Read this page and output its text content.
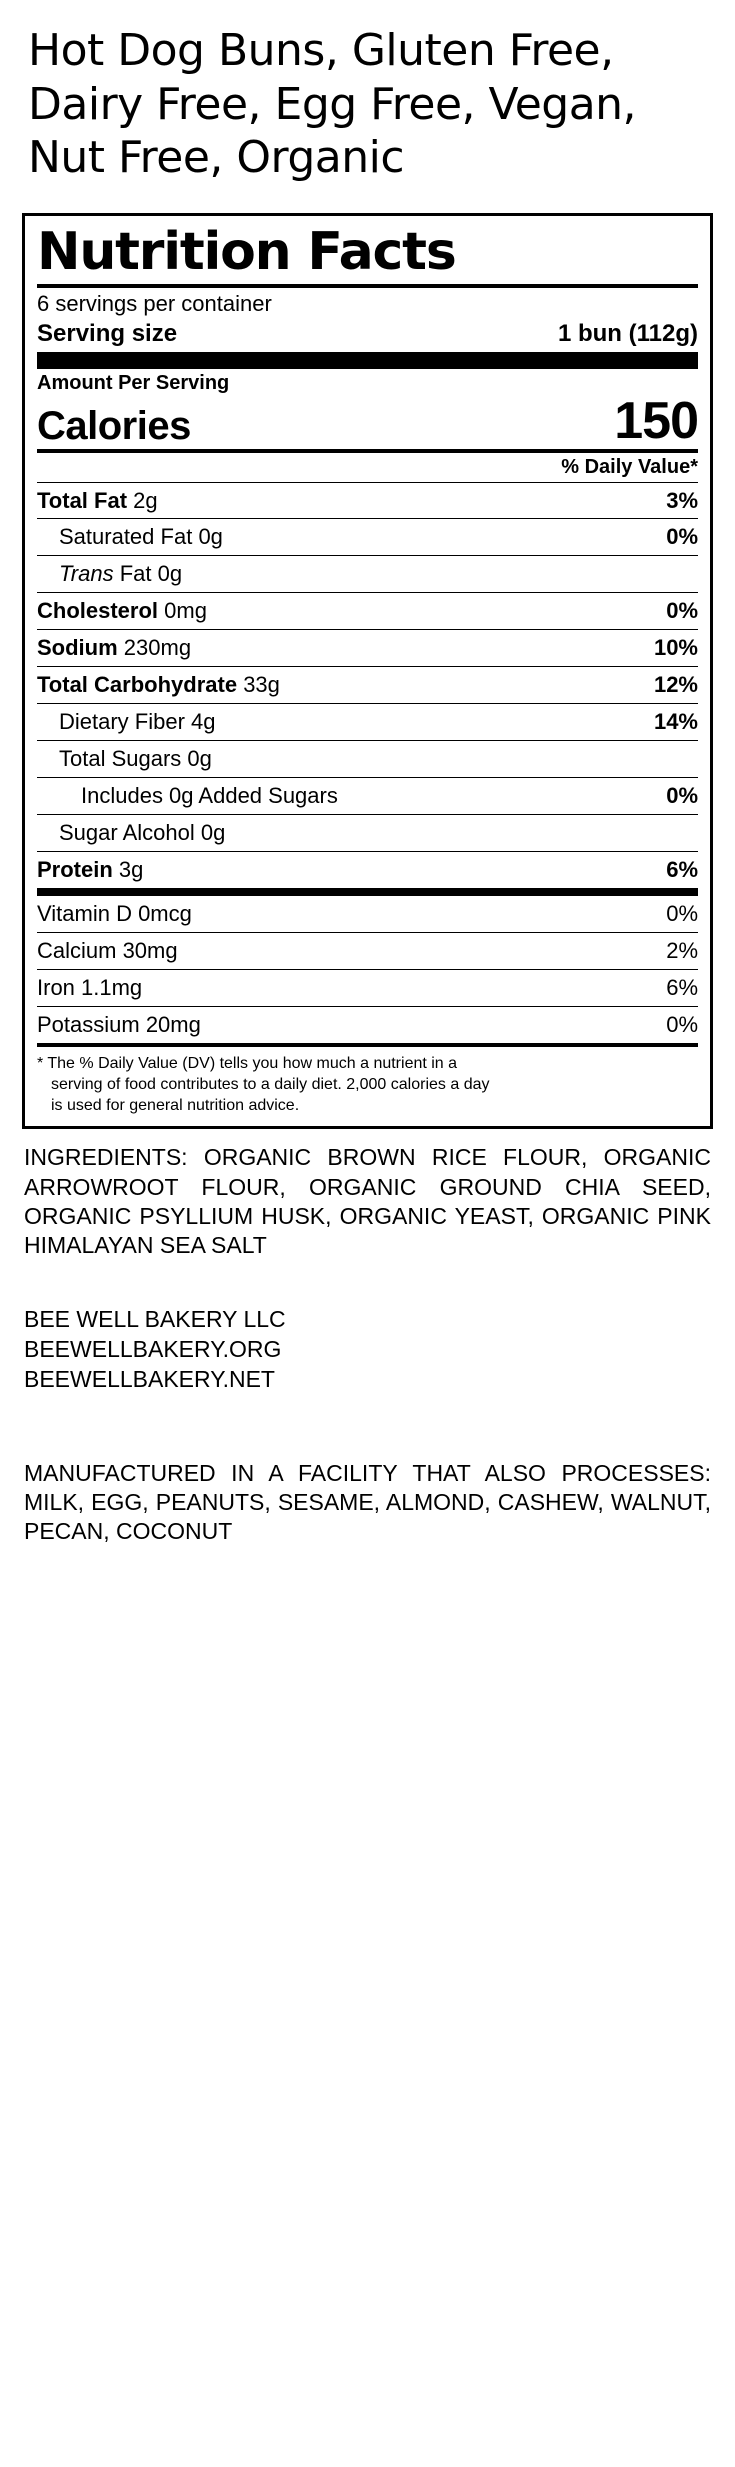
Hot Dog Buns, Gluten Free, Dairy Free, Egg Free, Vegan, Nut Free, Organic
Nutrition Facts
6 servings per container
Serving size	1 bun (112g)
Amount Per Serving
Calories	150
% Daily Value*
Total Fat 2g	3%
Saturated Fat 0g	0%
Trans Fat 0g
Cholesterol 0mg	0%
Sodium 230mg	10%
Total Carbohydrate 33g	12%
Dietary Fiber 4g	14%
Total Sugars 0g
Includes 0g Added Sugars	0%
Sugar Alcohol 0g
Protein 3g	6%
Vitamin D 0mcg	0%
Calcium 30mg	2%
Iron 1.1mg	6%
Potassium 20mg	0%
* The % Daily Value (DV) tells you how much a nutrient in a
serving of food contributes to a daily diet. 2,000 calories a day
is used for general nutrition advice.
INGREDIENTS: ORGANIC BROWN RICE FLOUR, ORGANIC ARROWROOT FLOUR, ORGANIC GROUND CHIA SEED, ORGANIC PSYLLIUM HUSK, ORGANIC YEAST, ORGANIC PINK HIMALAYAN SEA SALT
BEE WELL BAKERY LLC
BEEWELLBAKERY.ORG
BEEWELLBAKERY.NET
MANUFACTURED IN A FACILITY THAT ALSO PROCESSES: MILK, EGG, PEANUTS, SESAME, ALMOND, CASHEW, WALNUT, PECAN, COCONUT
